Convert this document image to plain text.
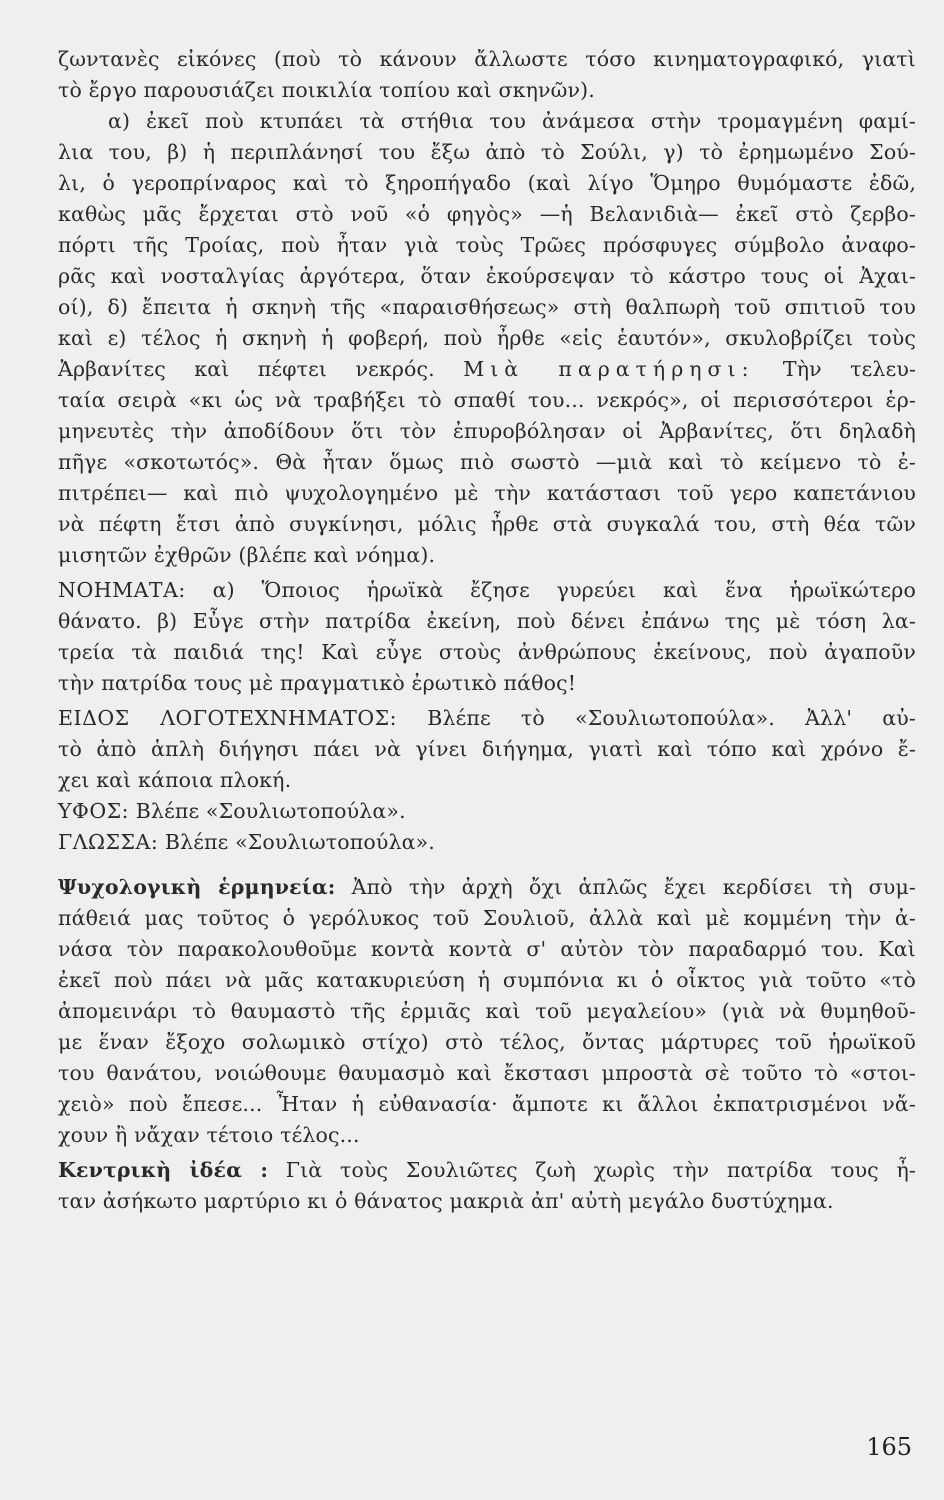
ζωντανὲς εἰκόνες (ποὺ τὸ κάνουν ἄλλωστε τόσο κινηματογραφικό, γιατὶ
τὸ ἔργο παρουσιάζει ποικιλία τοπίου καὶ σκηνῶν).
α) ἐκεῖ ποὺ κτυπάει τὰ στήθια του ἀνάμεσα στὴν τρομαγμένη φαμί-
λια του, β) ἡ περιπλάνησί του ἔξω ἀπὸ τὸ Σούλι, γ) τὸ ἐρημωμένο Σού-
λι, ὁ γεροπρίναρος καὶ τὸ ξηροπήγαδο (καὶ λίγο Ὅμηρο θυμόμαστε ἐδῶ,
καθὼς μᾶς ἔρχεται στὸ νοῦ «ὁ φηγὸς» —ἡ Βελανιδιὰ— ἐκεῖ στὸ ζερβο-
πόρτι τῆς Τροίας, ποὺ ἦταν γιὰ τοὺς Τρῶες πρόσφυγες σύμβολο ἀναφο-
ρᾶς καὶ νοσταλγίας ἀργότερα, ὅταν ἐκούρσεψαν τὸ κάστρο τους οἱ Ἀχαι-
οί), δ) ἔπειτα ἡ σκηνὴ τῆς «παραισθήσεως» στὴ θαλπωρὴ τοῦ σπιτιοῦ του
καὶ ε) τέλος ἡ σκηνὴ ἡ φοβερή, ποὺ ἦρθε «εἰς ἑαυτόν», σκυλοβρίζει τοὺς
Ἀρβανίτες καὶ πέφτει νεκρός. Μιὰ παρατήρησι: Τὴν τελευ-
ταία σειρὰ «κι ὡς νὰ τραβήξει τὸ σπαθί του... νεκρός», οἱ περισσότεροι ἑρ-
μηνευτὲς τὴν ἀποδίδουν ὅτι τὸν ἐπυροβόλησαν οἱ Ἀρβανίτες, ὅτι δηλαδὴ
πῆγε «σκοτωτός». Θὰ ἦταν ὅμως πιὸ σωστὸ —μιὰ καὶ τὸ κείμενο τὸ ἐ-
πιτρέπει— καὶ πιὸ ψυχολογημένο μὲ τὴν κατάστασι τοῦ γερο καπετάνιου
νὰ πέφτη ἔτσι ἀπὸ συγκίνησι, μόλις ἦρθε στὰ συγκαλά του, στὴ θέα τῶν
μισητῶν ἐχθρῶν (βλέπε καὶ νόημα).
ΝΟΗΜΑΤΑ: α) Ὅποιος ἡρωϊκὰ ἔζησε γυρεύει καὶ ἕνα ἡρωϊκώτερο
θάνατο. β) Εὖγε στὴν πατρίδα ἐκείνη, ποὺ δένει ἐπάνω της μὲ τόση λα-
τρεία τὰ παιδιά της! Καὶ εὖγε στοὺς ἀνθρώπους ἐκείνους, ποὺ ἀγαποῦν
τὴν πατρίδα τους μὲ πραγματικὸ ἐρωτικὸ πάθος!
ΕΙΔΟΣ ΛΟΓΟΤΕΧΝΗΜΑΤΟΣ: Βλέπε τὸ «Σουλιωτοπούλα». Ἀλλ' αὐ-
τὸ ἀπὸ ἁπλὴ διήγησι πάει νὰ γίνει διήγημα, γιατὶ καὶ τόπο καὶ χρόνο ἔ-
χει καὶ κάποια πλοκή.
ΥΦΟΣ: Βλέπε «Σουλιωτοπούλα».
ΓΛΩΣΣΑ: Βλέπε «Σουλιωτοπούλα».
Ψυχολογικὴ ἑρμηνεία: Ἀπὸ τὴν ἀρχὴ ὄχι ἁπλῶς ἔχει κερδίσει τὴ συμ-
πάθειά μας τοῦτος ὁ γερόλυκος τοῦ Σουλιοῦ, ἀλλὰ καὶ μὲ κομμένη τὴν ἀ-
νάσα τὸν παρακολουθοῦμε κοντὰ κοντὰ σ' αὐτὸν τὸν παραδαρμό του. Καὶ
ἐκεῖ ποὺ πάει νὰ μᾶς κατακυριεύση ἡ συμπόνια κι ὁ οἶκτος γιὰ τοῦτο «τὸ
ἀπομεινάρι τὸ θαυμαστὸ τῆς ἐρμιᾶς καὶ τοῦ μεγαλείου» (γιὰ νὰ θυμηθοῦ-
με ἕναν ἔξοχο σολωμικὸ στίχο) στὸ τέλος, ὄντας μάρτυρες τοῦ ἡρωϊκοῦ
του θανάτου, νοιώθουμε θαυμασμὸ καὶ ἔκστασι μπροστὰ σὲ τοῦτο τὸ «στοι-
χειὸ» ποὺ ἔπεσε... Ἦταν ἡ εὐθανασία· ἄμποτε κι ἄλλοι ἐκπατρισμένοι νἄ-
χουν ἢ νἄχαν τέτοιο τέλος...
Κεντρικὴ ἰδέα : Γιὰ τοὺς Σουλιῶτες ζωὴ χωρὶς τὴν πατρίδα τους ἦ-
ταν ἀσήκωτο μαρτύριο κι ὁ θάνατος μακριὰ ἀπ' αὐτὴ μεγάλο δυστύχημα.
165
